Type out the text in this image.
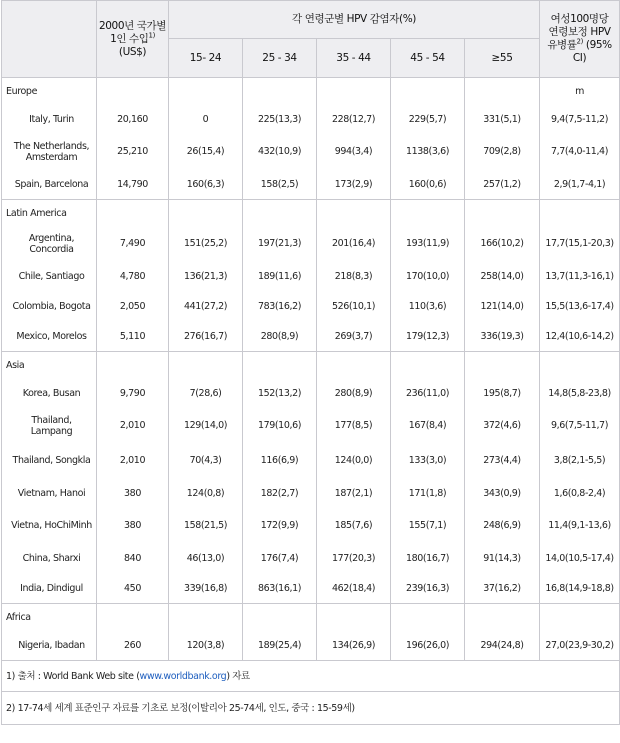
	2000년 국가별
1인 수입$^{1)}$
(US$)	각 연령군별 HPV 감염자(%)					여성100명당
연령보정 HPV
유병률$^{2)}$ (95%
CI)
		15- 24	25 - 34	35 - 44	45 - 54	≥55	
Europe							m
Italy, Turin	20,160	0	225(13,3)	228(12,7)	229(5,7)	331(5,1)	9,4(7,5-11,2)
The Netherlands, Amsterdam	25,210	26(15,4)	432(10,9)	994(3,4)	1138(3,6)	709(2,8)	7,7(4,0-11,4)
Spain, Barcelona	14,790	160(6,3)	158(2,5)	173(2,9)	160(0,6)	257(1,2)	2,9(1,7-4,1)
Latin America							
Argentina, Concordia	7,490	151(25,2)	197(21,3)	201(16,4)	193(11,9)	166(10,2)	17,7(15,1-20,3)
Chile, Santiago	4,780	136(21,3)	189(11,6)	218(8,3)	170(10,0)	258(14,0)	13,7(11,3-16,1)
Colombia, Bogota	2,050	441(27,2)	783(16,2)	526(10,1)	110(3,6)	121(14,0)	15,5(13,6-17,4)
Mexico, Morelos	5,110	276(16,7)	280(8,9)	269(3,7)	179(12,3)	336(19,3)	12,4(10,6-14,2)
Asia							
Korea, Busan	9,790	7(28,6)	152(13,2)	280(8,9)	236(11,0)	195(8,7)	14,8(5,8-23,8)
Thailand, Lampang	2,010	129(14,0)	179(10,6)	177(8,5)	167(8,4)	372(4,6)	9,6(7,5-11,7)
Thailand, Songkla	2,010	70(4,3)	116(6,9)	124(0,0)	133(3,0)	273(4,4)	3,8(2,1-5,5)
Vietnam, Hanoi	380	124(0,8)	182(2,7)	187(2,1)	171(1,8)	343(0,9)	1,6(0,8-2,4)
Vietna, HoChiMinh	380	158(21,5)	172(9,9)	185(7,6)	155(7,1)	248(6,9)	11,4(9,1-13,6)
China, Sharxi	840	46(13,0)	176(7,4)	177(20,3)	180(16,7)	91(14,3)	14,0(10,5-17,4)
India, Dindigul	450	339(16,8)	863(16,1)	462(18,4)	239(16,3)	37(16,2)	16,8(14,9-18,8)
Africa							
Nigeria, Ibadan	260	120(3,8)	189(25,4)	134(26,9)	196(26,0)	294(24,8)	27,0(23,9-30,2)
1) 출처 : World Bank Web site (www.worldbank.org) 자료							
2) 17-74세 세계 표준인구 자료를 기초로 보정(이탈리아 25-74세, 인도, 중국 : 15-59세)							
